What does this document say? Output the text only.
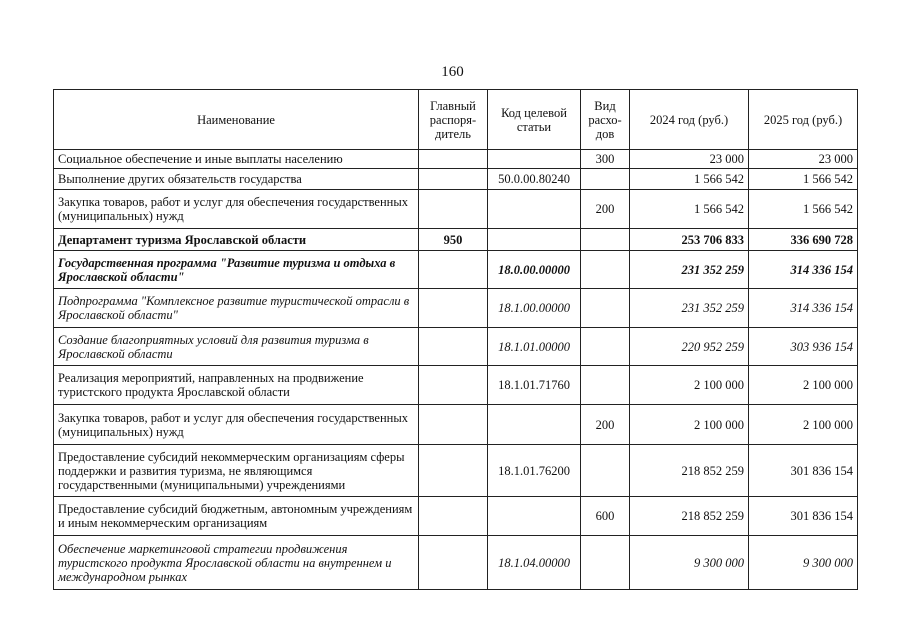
160
Наименование	Главный распоря-дитель	Код целевой статьи	Вид расхо-дов	2024 год (руб.)	2025 год (руб.)
Социальное обеспечение и иные выплаты населению			300	23 000	23 000
Выполнение других обязательств государства		50.0.00.80240		1 566 542	1 566 542
Закупка товаров, работ и услуг для обеспечения государственных (муниципальных) нужд			200	1 566 542	1 566 542
Департамент туризма Ярославской области	950			253 706 833	336 690 728
Государственная программа "Развитие туризма и отдыха в Ярославской области"		18.0.00.00000		231 352 259	314 336 154
Подпрограмма "Комплексное развитие туристической отрасли в Ярославской области"		18.1.00.00000		231 352 259	314 336 154
Создание благоприятных условий для развития туризма в Ярославской области		18.1.01.00000		220 952 259	303 936 154
Реализация мероприятий, направленных на продвижение туристского продукта Ярославской области		18.1.01.71760		2 100 000	2 100 000
Закупка товаров, работ и услуг для обеспечения государственных (муниципальных) нужд			200	2 100 000	2 100 000
Предоставление субсидий некоммерческим организациям сферы поддержки и развития туризма, не являющимся государственными (муниципальными) учреждениями		18.1.01.76200		218 852 259	301 836 154
Предоставление субсидий бюджетным, автономным учреждениям и иным некоммерческим организациям			600	218 852 259	301 836 154
Обеспечение маркетинговой стратегии продвижения туристского продукта Ярославской области на внутреннем и международном рынках		18.1.04.00000		9 300 000	9 300 000
